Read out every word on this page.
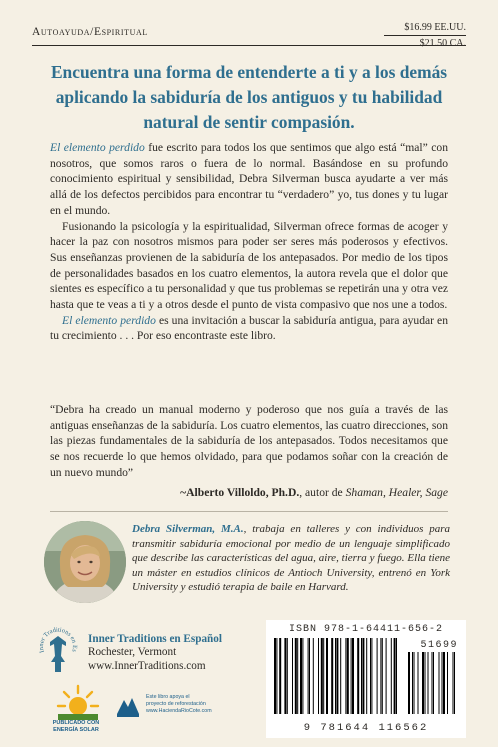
Autoayuda/Espiritual	$16.99 EE.UU.
$21.50 CA.
Encuentra una forma de entenderte a ti y a los demás aplicando la sabiduría de los antiguos y tu habilidad natural de sentir compasión.

El elemento perdido fue escrito para todos los que sentimos que algo está “mal” con nosotros, que somos raros o fuera de lo normal. Basándose en su profundo conocimiento espiritual y sensibilidad, Debra Silverman busca ayudarte a ver más allá de los defectos percibidos para encontrar tu “verdadero” yo, tus dones y tu lugar en el mundo.

Fusionando la psicología y la espiritualidad, Silverman ofrece formas de acoger y hacer la paz con nosotros mismos para poder ser seres más poderosos y efectivos. Sus enseñanzas provienen de la sabiduría de los antepasados. Por medio de los tipos de personalidades basados en los cuatro elementos, la autora revela que el dolor que sientes es específico a tu personalidad y que tus problemas se repetirán una y otra vez hasta que te veas a ti y a otros desde el punto de vista compasivo que nos une a todos.

El elemento perdido es una invitación a buscar la sabiduría antigua, para ayudar en tu crecimiento . . . Por eso encontraste este libro.

“Debra ha creado un manual moderno y poderoso que nos guía a través de las antiguas enseñanzas de la sabiduría. Los cuatro elementos, las cuatro direcciones, son las piezas fundamentales de la sabiduría de los antepasados. Todos necesitamos que se nos recuerde lo que hemos olvidado, para que podamos soñar con la creación de un nuevo mundo”
~Alberto Villoldo, Ph.D., autor de Shaman, Healer, Sage
Debra Silverman, M.A., trabaja en talleres y con individuos para transmitir sabiduría emocional por medio de un lenguaje simplificado que describe las características del agua, aire, tierra y fuego. Ella tiene un máster en estudios clínicos de Antioch University, entrenó en York University y estudió terapia de baile en Harvard.
Inner Traditions en Es
Inner Traditions en Español
Rochester, Vermont
www.InnerTraditions.com
ISBN 978-1-64411-656-2
51699
9 781644 116562
PUBLICADO CON
ENERGÍA SOLAR
Este libro apoya el
proyecto de reforestación
www.HaciendaRioCote.com
